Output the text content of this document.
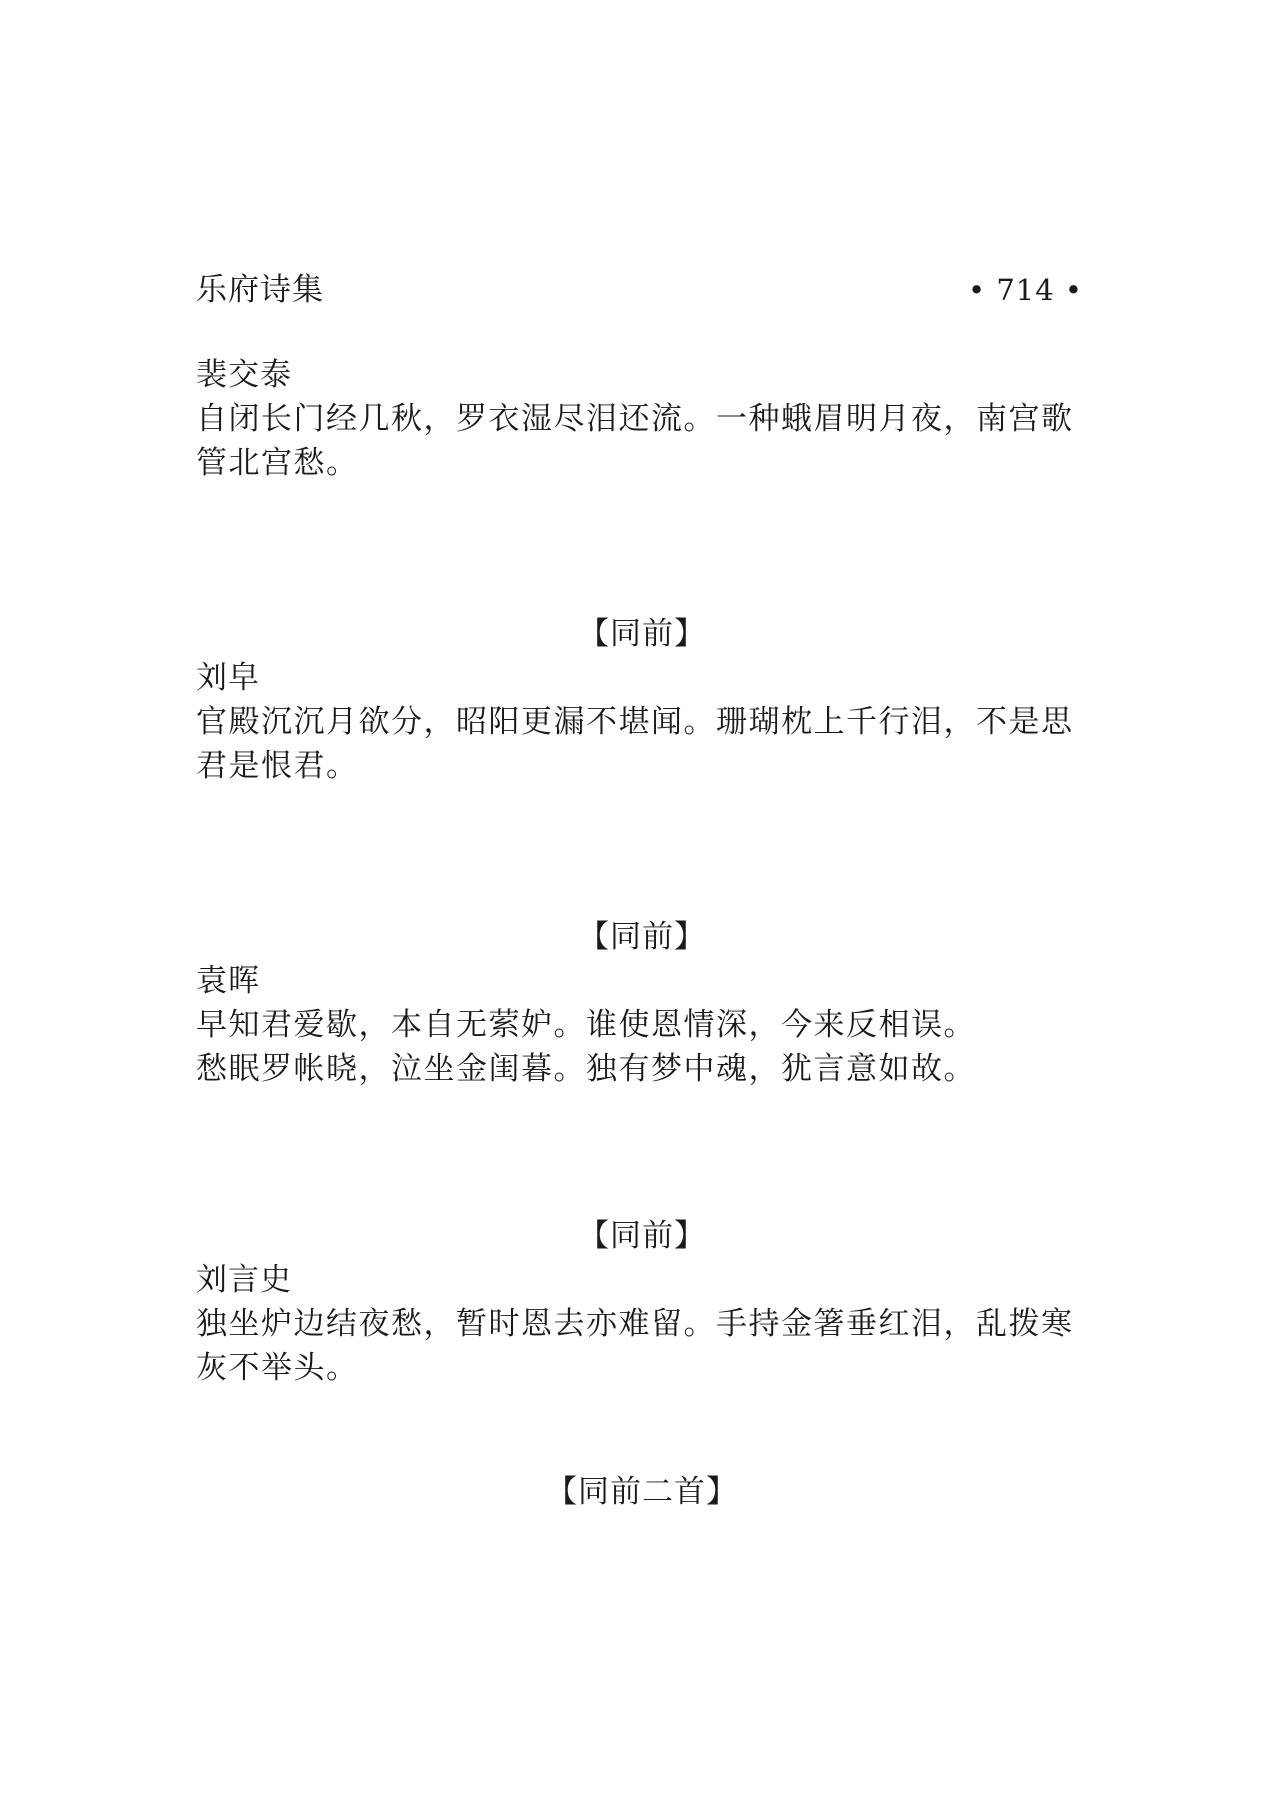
乐府诗集	• 714 •

裴交泰

自闭长门经几秋，罗衣湿尽泪还流。一种蛾眉明月夜，南宫歌

管北宫愁。

【同前】

刘皁

官殿沉沉月欲分，昭阳更漏不堪闻。珊瑚枕上千行泪，不是思

君是恨君。

【同前】

袁晖

早知君爱歇，本自无萦妒。谁使恩情深，今来反相误。

愁眠罗帐晓，泣坐金闺暮。独有梦中魂，犹言意如故。

【同前】

刘言史

独坐炉边结夜愁，暂时恩去亦难留。手持金箸垂红泪，乱拨寒

灰不举头。

【同前二首】
